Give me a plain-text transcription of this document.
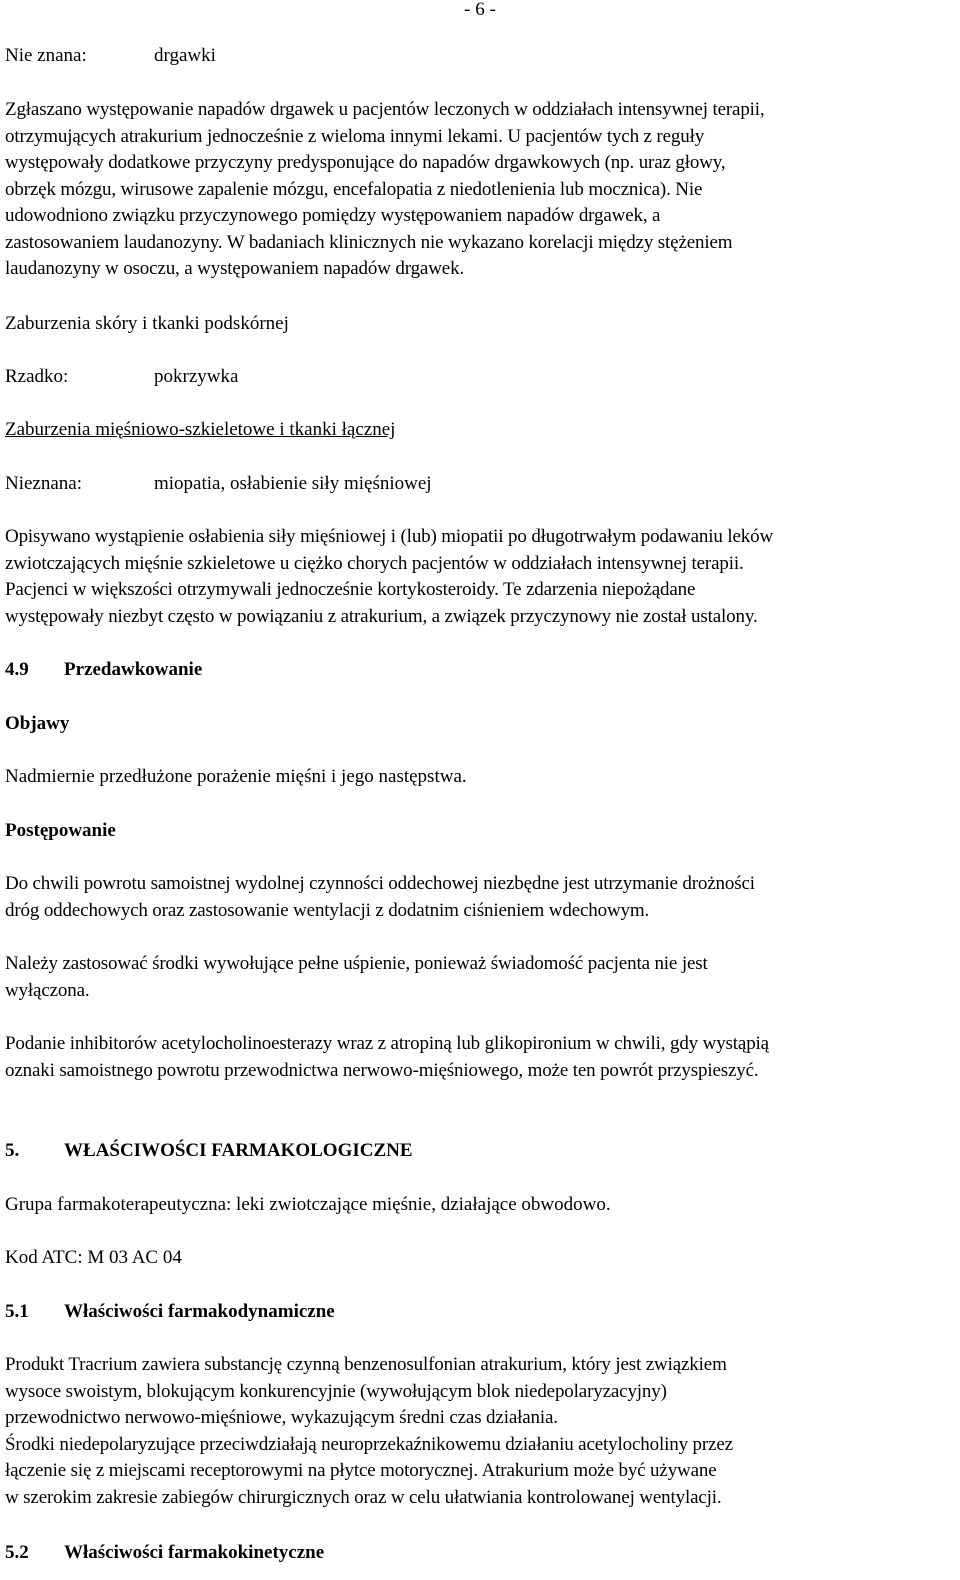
- 6 -
Nie znana:	drgawki

Zgłaszano występowanie napadów drgawek u pacjentów leczonych w oddziałach intensywnej terapii,
otrzymujących atrakurium jednocześnie z wieloma innymi lekami. U pacjentów tych z reguły
występowały dodatkowe przyczyny predysponujące do napadów drgawkowych (np. uraz głowy,
obrzęk mózgu, wirusowe zapalenie mózgu, encefalopatia z niedotlenienia lub mocznica). Nie
udowodniono związku przyczynowego pomiędzy występowaniem napadów drgawek, a
zastosowaniem laudanozyny. W badaniach klinicznych nie wykazano korelacji między stężeniem
laudanozyny w osoczu, a występowaniem napadów drgawek.

Zaburzenia skóry i tkanki podskórnej
Rzadko:	pokrzywka
Zaburzenia mięśniowo-szkieletowe i tkanki łącznej
Nieznana:	miopatia, osłabienie siły mięśniowej

Opisywano wystąpienie osłabienia siły mięśniowej i (lub) miopatii po długotrwałym podawaniu leków
zwiotczających mięśnie szkieletowe u ciężko chorych pacjentów w oddziałach intensywnej terapii.
Pacjenci w większości otrzymywali jednocześnie kortykosteroidy. Te zdarzenia niepożądane
występowały niezbyt często w powiązaniu z atrakurium, a związek przyczynowy nie został ustalony.

4.9 Przedawkowanie
Objawy
Nadmiernie przedłużone porażenie mięśni i jego następstwa.
Postępowanie

Do chwili powrotu samoistnej wydolnej czynności oddechowej niezbędne jest utrzymanie drożności
dróg oddechowych oraz zastosowanie wentylacji z dodatnim ciśnieniem wdechowym.

Należy zastosować środki wywołujące pełne uśpienie, ponieważ świadomość pacjenta nie jest
wyłączona.

Podanie inhibitorów acetylocholinoesterazy wraz z atropiną lub glikopironium w chwili, gdy wystąpią
oznaki samoistnego powrotu przewodnictwa nerwowo-mięśniowego, może ten powrót przyspieszyć.

5. WŁAŚCIWOŚCI FARMAKOLOGICZNE
Grupa farmakoterapeutyczna: leki zwiotczające mięśnie, działające obwodowo.
Kod ATC: M 03 AC 04
5.1 Właściwości farmakodynamiczne

Produkt Tracrium zawiera substancję czynną benzenosulfonian atrakurium, który jest związkiem
wysoce swoistym, blokującym konkurencyjnie (wywołującym blok niedepolaryzacyjny)
przewodnictwo nerwowo-mięśniowe, wykazującym średni czas działania.
Środki niedepolaryzujące przeciwdziałają neuroprzekaźnikowemu działaniu acetylocholiny przez
łączenie się z miejscami receptorowymi na płytce motorycznej. Atrakurium może być używane
w szerokim zakresie zabiegów chirurgicznych oraz w celu ułatwiania kontrolowanej wentylacji.

5.2 Właściwości farmakokinetyczne
